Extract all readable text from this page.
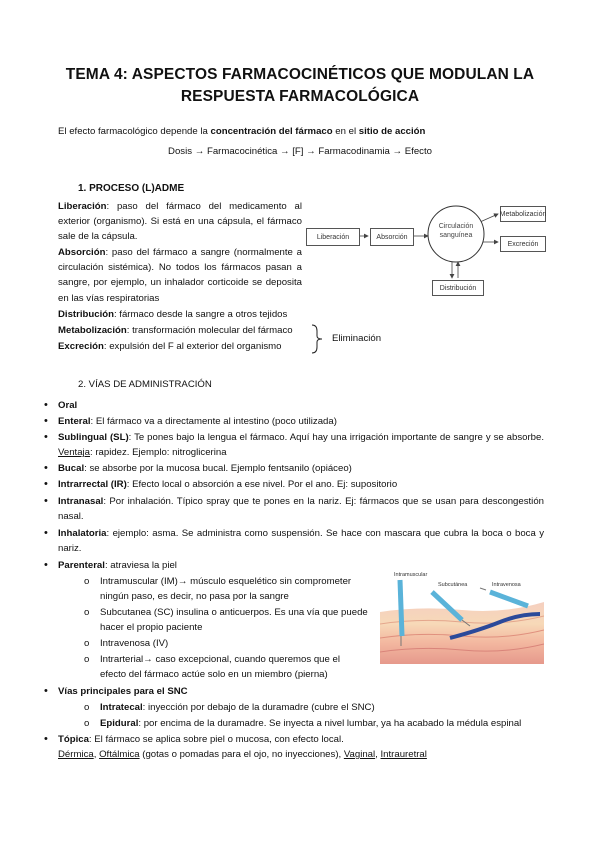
TEMA 4: ASPECTOS FARMACOCINÉTICOS QUE MODULAN LA
RESPUESTA FARMACOLÓGICA
El efecto farmacológico depende la concentración del fármaco en el sitio de acción
Dosis → Farmacocinética → [F] → Farmacodinamia → Efecto
1. PROCESO (L)ADME
Liberación: paso del fármaco del medicamento al exterior (organismo). Si está en una cápsula, el fármaco sale de la cápsula.
Absorción: paso del fármaco a sangre (normalmente a circulación sistémica). No todos los fármacos pasan a sangre, por ejemplo, un inhalador corticoide se deposita en las vías respiratorias
Distribución: fármaco desde la sangre a otros tejidos
Metabolización: transformación molecular del fármaco
Excreción: expulsión del F al exterior del organismo
Eliminación
Liberación	Absorción
Circulación sanguínea
Metabolización
Excreción
Distribución
2. VÍAS DE ADMINISTRACIÓN
• Oral
• Enteral: El fármaco va a directamente al intestino (poco utilizada)
• Sublingual (SL): Te pones bajo la lengua el fármaco. Aquí hay una irrigación importante de sangre y se absorbe. Ventaja: rapidez. Ejemplo: nitroglicerina
• Bucal: se absorbe por la mucosa bucal. Ejemplo fentsanilo (opiáceo)
• Intrarrectal (IR): Efecto local o absorción a ese nivel. Por el ano. Ej: supositorio
• Intranasal: Por inhalación. Típico spray que te pones en la nariz. Ej: fármacos que se usan para descongestión nasal.
• Inhalatoria: ejemplo: asma. Se administra como suspensión. Se hace con mascara que cubra la boca o boca y nariz.
• Parenteral: atraviesa la piel
o Intramuscular (IM)→ músculo esquelético sin comprometer
ningún paso, es decir, no pasa por la sangre
o Subcutanea (SC) insulina o anticuerpos. Es una vía que puede
hacer el propio paciente
o Intravenosa (IV)
o Intrarterial→ caso excepcional, cuando queremos que el
efecto del fármaco actúe solo en un miembro (pierna)
• Vías principales para el SNC
o Intratecal: inyección por debajo de la duramadre (cubre el SNC)
o Epidural: por encima de la duramadre. Se inyecta a nivel lumbar, ya ha acabado la médula espinal
• Tópica: El fármaco se aplica sobre piel o mucosa, con efecto local.
Dérmica, Oftálmica (gotas o pomadas para el ojo, no inyecciones), Vaginal, Intrauretral
Intramuscular
Subcutánea	Intravenosa
